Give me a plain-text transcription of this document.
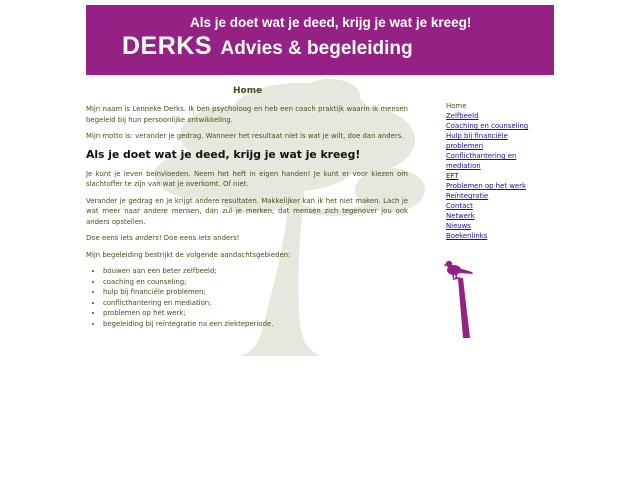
Als je doet wat je deed, krijg je wat je kreeg!
DERKS Advies & begeleiding
Home

Mijn naam is Lenneke Derks. Ik ben psycholoog en heb een coach praktijk waarin ik mensen begeleid bij hun persoonlijke ontwikkeling.

Mijn motto is: verander je gedrag. Wanneer het resultaat niet is wat je wilt, doe dan anders.

Als je doet wat je deed, krijg je wat je kreeg!

Je kunt je leven beïnvloeden. Neem het heft in eigen handen! Je kunt er voor kiezen om slachtoffer te zijn van wat je overkomt. Of niet.

Verander je gedrag en je krijgt andere resultaten. Makkelijker kan ik het niet maken. Lach je wat meer naar andere mensen, dan zul je merken, dat mensen zich tegenover jou ook anders opstellen.

Doe eens iets anders! Doe eens iets anders!

Mijn begeleiding bestrijkt de volgende aandachtsgebieden:

• bouwen aan een beter zelfbeeld;
• coaching en counseling;
• hulp bij financiële problemen;
• conflicthantering en mediation;
• problemen op het werk;
• begeleiding bij reïntegratie na een ziekteperiode.
Home
Zelfbeeld
Coaching en counseling
Hulp bij financiële problemen
Conflicthantering en mediation
EFT
Problemen op het werk
Reïntegratie
Contact
Netwerk
Nieuws
Boekenlinks
